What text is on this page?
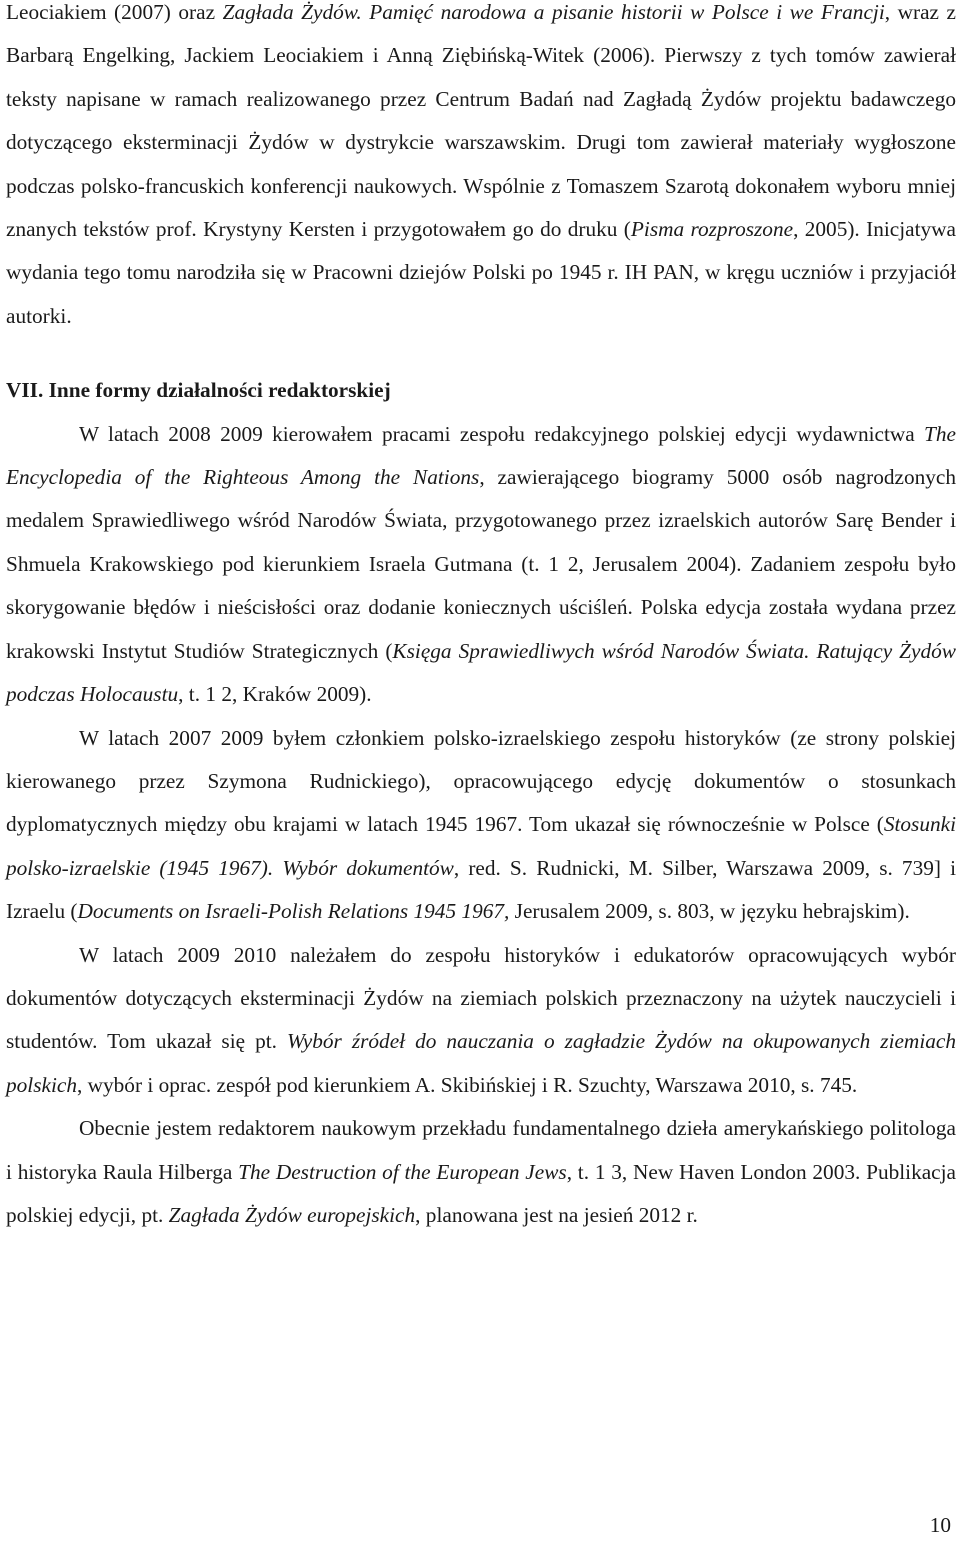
Leociakiem (2007) oraz Zagłada Żydów. Pamięć narodowa a pisanie historii w Polsce i we Francji, wraz z Barbarą Engelking, Jackiem Leociakiem i Anną Ziębińską-Witek (2006). Pierwszy z tych tomów zawierał teksty napisane w ramach realizowanego przez Centrum Badań nad Zagładą Żydów projektu badawczego dotyczącego eksterminacji Żydów w dystrykcie warszawskim. Drugi tom zawierał materiały wygłoszone podczas polsko-francuskich konferencji naukowych. Wspólnie z Tomaszem Szarotą dokonałem wyboru mniej znanych tekstów prof. Krystyny Kersten i przygotowałem go do druku (Pisma rozproszone, 2005). Inicjatywa wydania tego tomu narodziła się w Pracowni dziejów Polski po 1945 r. IH PAN, w kręgu uczniów i przyjaciół autorki.

VII. Inne formy działalności redaktorskiej

W latach 2008 2009 kierowałem pracami zespołu redakcyjnego polskiej edycji wydawnictwa The Encyclopedia of the Righteous Among the Nations, zawierającego biogramy 5000 osób nagrodzonych medalem Sprawiedliwego wśród Narodów Świata, przygotowanego przez izraelskich autorów Sarę Bender i Shmuela Krakowskiego pod kierunkiem Israela Gutmana (t. 1 2, Jerusalem 2004). Zadaniem zespołu było skorygowanie błędów i nieścisłości oraz dodanie koniecznych uściśleń. Polska edycja została wydana przez krakowski Instytut Studiów Strategicznych (Księga Sprawiedliwych wśród Narodów Świata. Ratujący Żydów podczas Holocaustu, t. 1 2, Kraków 2009).

W latach 2007 2009 byłem członkiem polsko-izraelskiego zespołu historyków (ze strony polskiej kierowanego przez Szymona Rudnickiego), opracowującego edycję dokumentów o stosunkach dyplomatycznych między obu krajami w latach 1945 1967. Tom ukazał się równocześnie w Polsce (Stosunki polsko-izraelskie (1945 1967). Wybór dokumentów, red. S. Rudnicki, M. Silber, Warszawa 2009, s. 739] i Izraelu (Documents on Israeli-Polish Relations 1945 1967, Jerusalem 2009, s. 803, w języku hebrajskim).

W latach 2009 2010 należałem do zespołu historyków i edukatorów opracowujących wybór dokumentów dotyczących eksterminacji Żydów na ziemiach polskich przeznaczony na użytek nauczycieli i studentów. Tom ukazał się pt. Wybór źródeł do nauczania o zagładzie Żydów na okupowanych ziemiach polskich, wybór i oprac. zespół pod kierunkiem A. Skibińskiej i R. Szuchty, Warszawa 2010, s. 745.

Obecnie jestem redaktorem naukowym przekładu fundamentalnego dzieła amerykańskiego politologa i historyka Raula Hilberga The Destruction of the European Jews, t. 1 3, New Haven London 2003. Publikacja polskiej edycji, pt. Zagłada Żydów europejskich, planowana jest na jesień 2012 r.

10
